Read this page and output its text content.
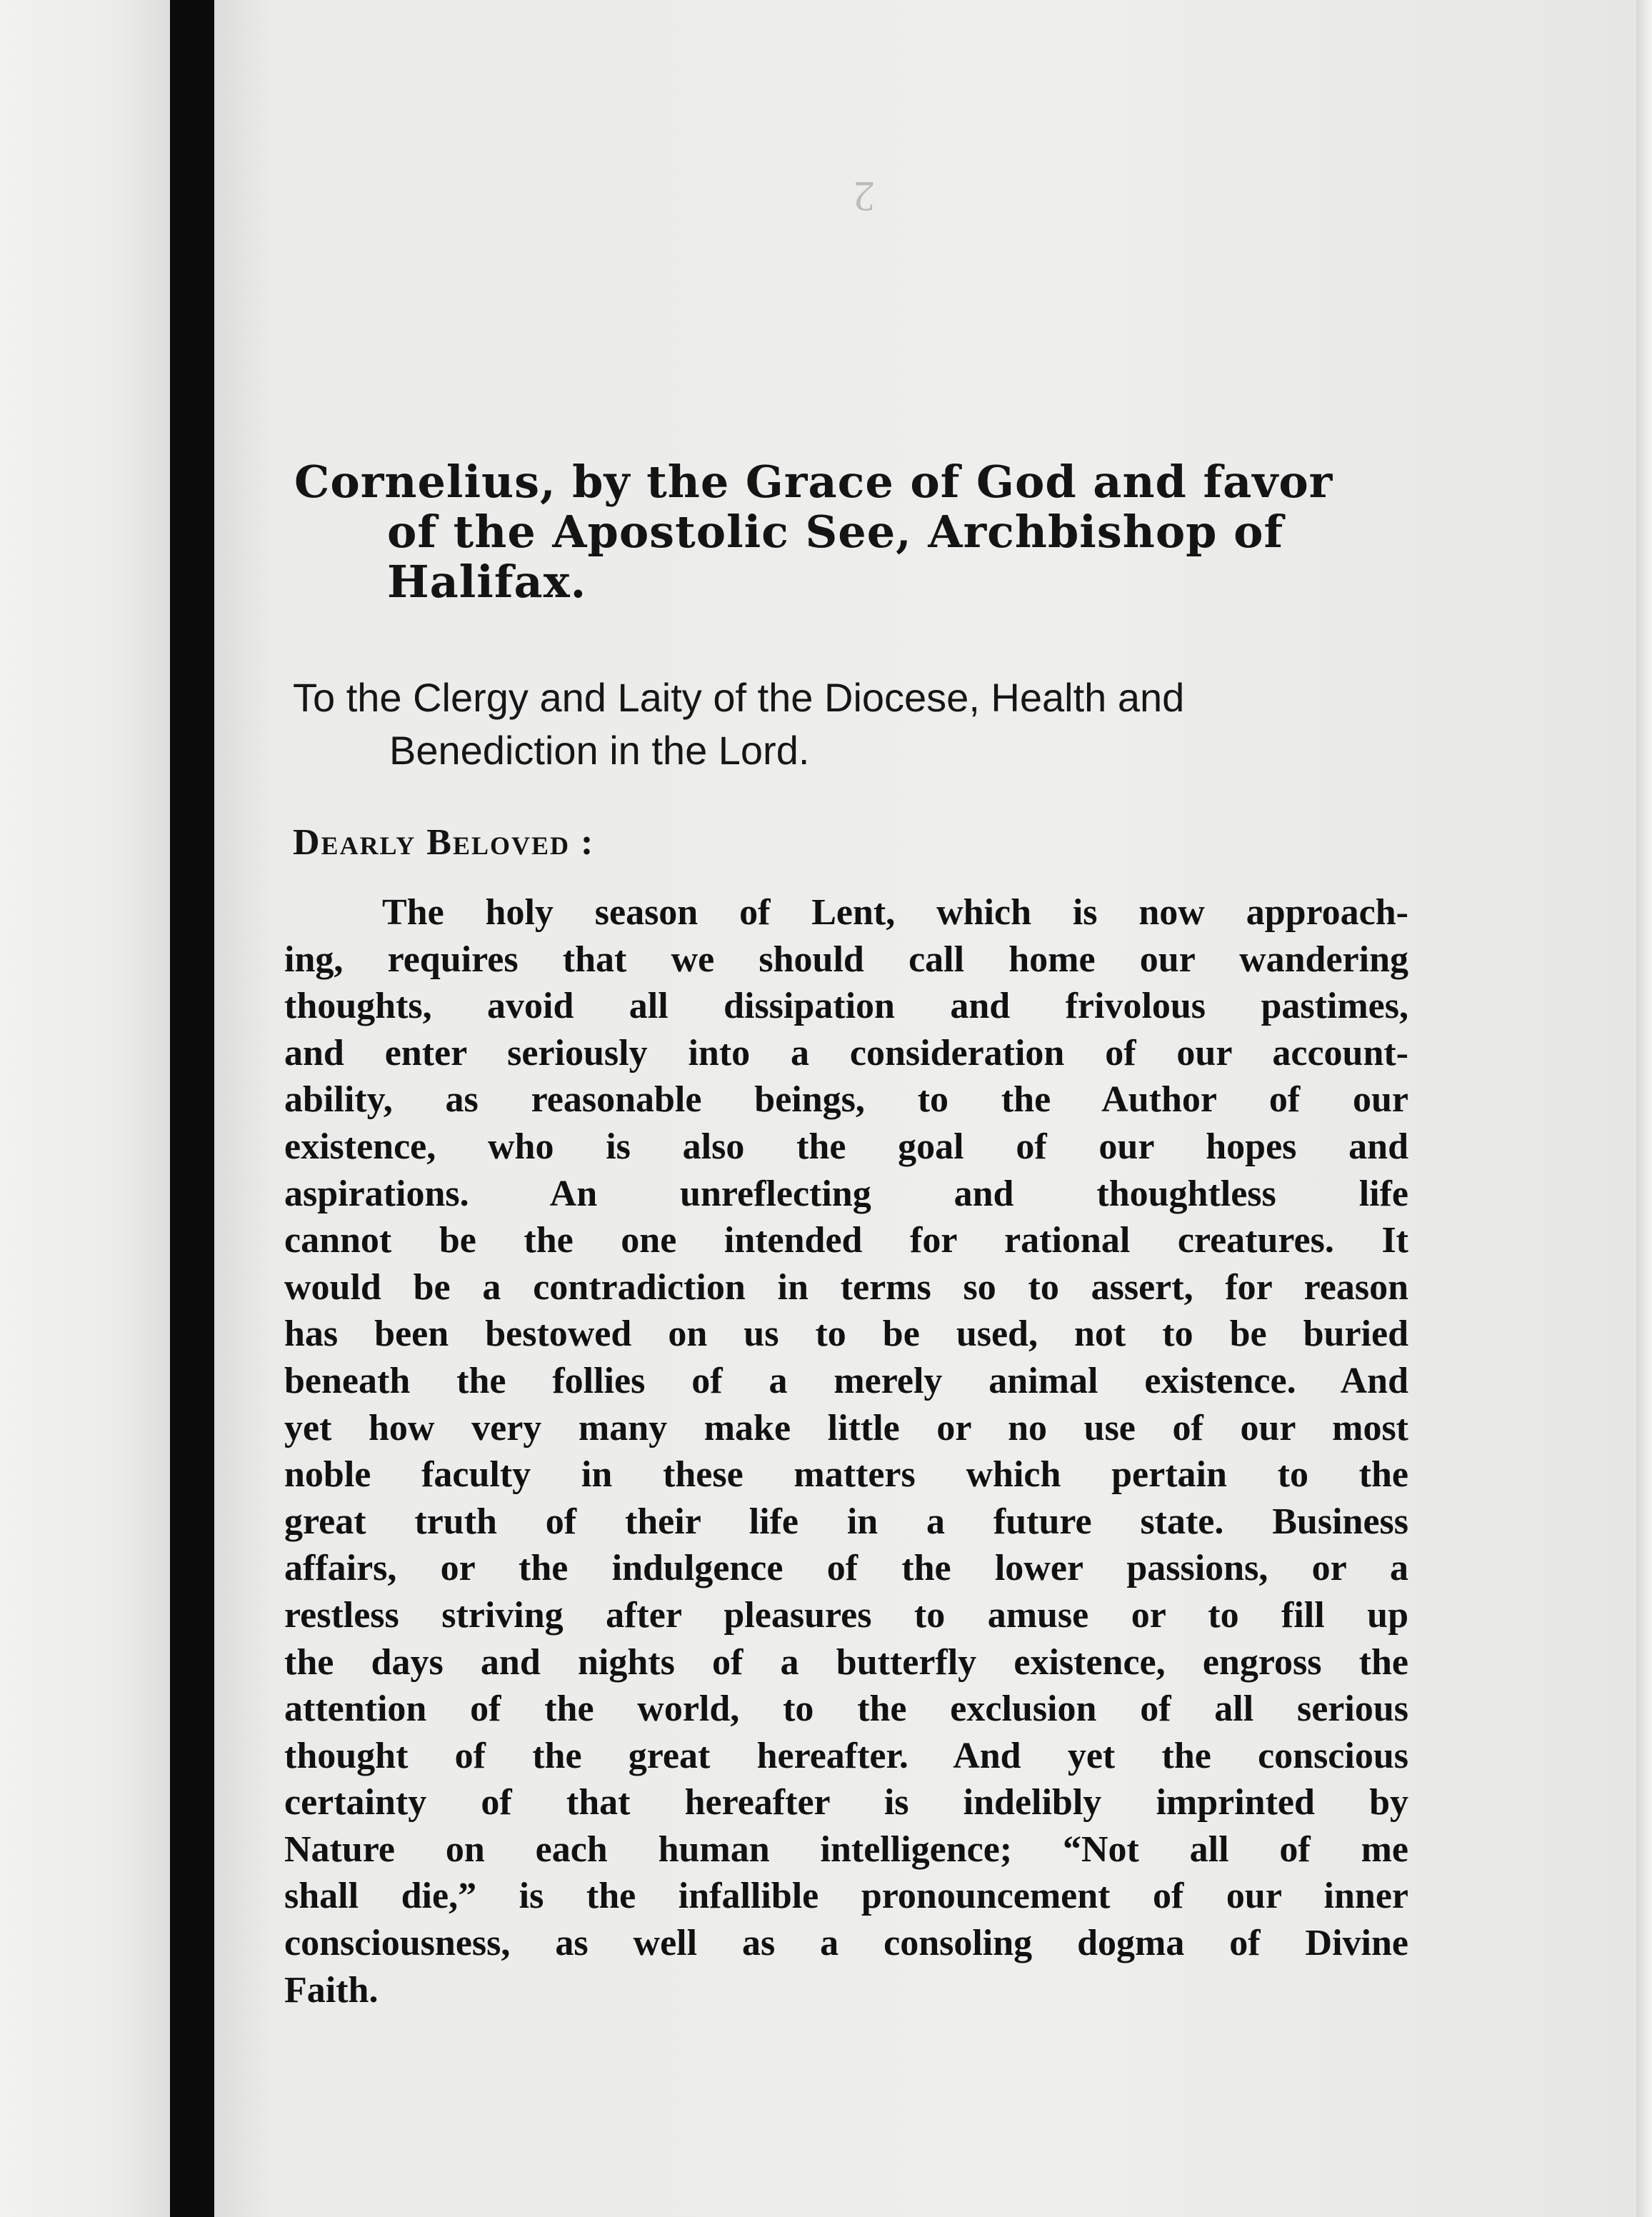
2
Cornelius, by the Grace of God and favor
of the Apostolic See, Archbishop of
Halifax.
To the Clergy and Laity of the Diocese, Health and
Benediction in the Lord.
Dearly Beloved :
The holy season of Lent, which is now approach-
ing, requires that we should call home our wandering
thoughts, avoid all dissipation and frivolous pastimes,
and enter seriously into a consideration of our account-
ability, as reasonable beings, to the Author of our
existence, who is also the goal of our hopes and
aspirations. An unreflecting and thoughtless life
cannot be the one intended for rational creatures. It
would be a contradiction in terms so to assert, for reason
has been bestowed on us to be used, not to be buried
beneath the follies of a merely animal existence. And
yet how very many make little or no use of our most
noble faculty in these matters which pertain to the
great truth of their life in a future state. Business
affairs, or the indulgence of the lower passions, or a
restless striving after pleasures to amuse or to fill up
the days and nights of a butterfly existence, engross the
attention of the world, to the exclusion of all serious
thought of the great hereafter. And yet the conscious
certainty of that hereafter is indelibly imprinted by
Nature on each human intelligence; “Not all of me
shall die,” is the infallible pronouncement of our inner
consciousness, as well as a consoling dogma of Divine
Faith.
